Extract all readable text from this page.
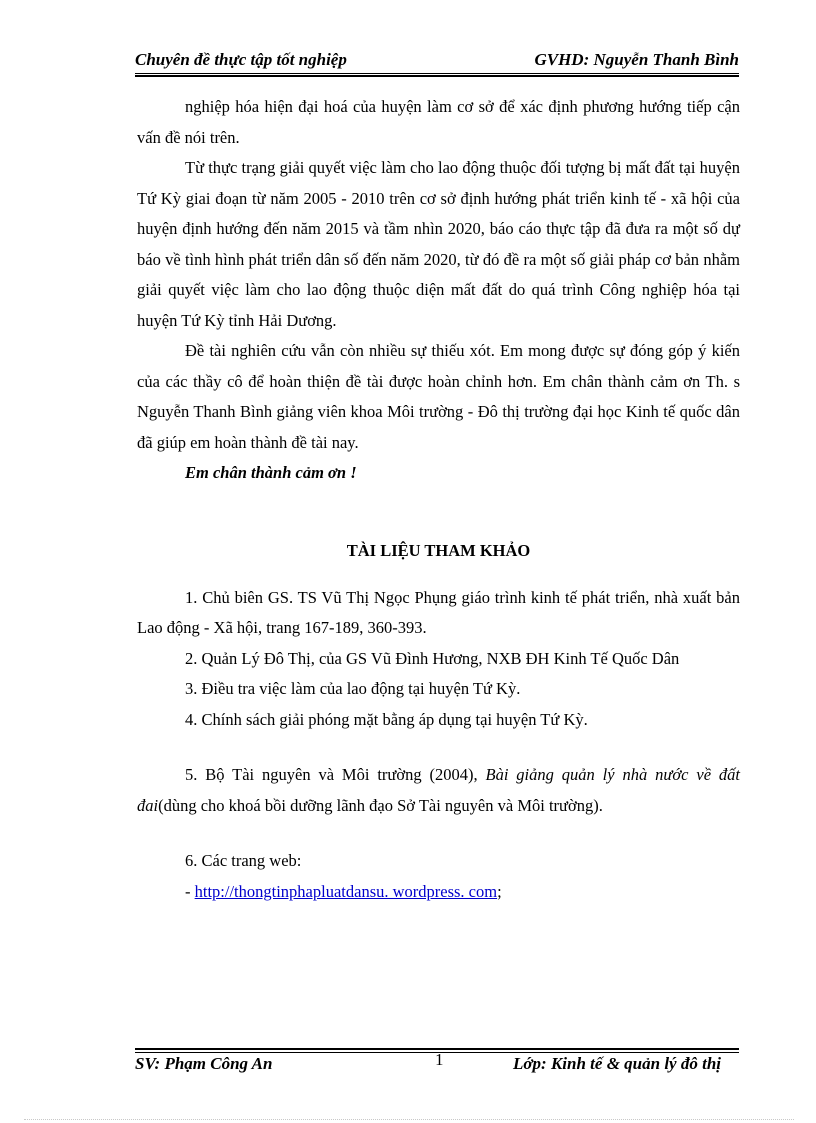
Chuyên đề thực tập tốt nghiệp	GVHD: Nguyễn Thanh Bình

nghiệp hóa hiện đại hoá của huyện làm cơ sở để xác định phương hướng tiếp cận vấn đề nói trên.

Từ thực trạng giải quyết việc làm cho lao động thuộc đối tượng bị mất đất tại huyện Tứ Kỳ giai đoạn từ năm 2005 - 2010 trên cơ sở định hướng phát triển kinh tế - xã hội của huyện định hướng đến năm 2015 và tầm nhìn 2020, báo cáo thực tập đã đưa ra một số dự báo về tình hình phát triển dân số đến năm 2020, từ đó đề ra một số giải pháp cơ bản nhằm giải quyết việc làm cho lao động thuộc diện mất đất do quá trình Công nghiệp hóa tại huyện Tứ Kỳ tỉnh Hải Dương.

Đề tài nghiên cứu vẫn còn nhiều sự thiếu xót. Em mong được sự đóng góp ý kiến của các thầy cô để hoàn thiện đề tài được hoàn chỉnh hơn. Em chân thành cảm ơn Th. s Nguyễn Thanh Bình giảng viên khoa Môi trường - Đô thị trường đại học Kinh tế quốc dân đã giúp em hoàn thành đề tài nay.

Em chân thành cảm ơn !

TÀI LIỆU THAM KHẢO

1. Chủ biên GS. TS Vũ Thị Ngọc Phụng giáo trình kinh tế phát triển, nhà xuất bản Lao động - Xã hội, trang 167-189, 360-393.

2. Quản Lý Đô Thị, của GS Vũ Đình Hương, NXB ĐH Kinh Tế Quốc Dân

3. Điều tra việc làm của lao động tại huyện Tứ Kỳ.

4. Chính sách giải phóng mặt bằng áp dụng tại huyện Tứ Kỳ.

5. Bộ Tài nguyên và Môi trường (2004), Bài giảng quản lý nhà nước về đất đai(dùng cho khoá bồi dưỡng lãnh đạo Sở Tài nguyên và Môi trường).

6. Các trang web:

- http://thongtinphapluatdansu. wordpress. com;

SV: Phạm Công An	1	Lớp: Kinh tế & quản lý đô thị
